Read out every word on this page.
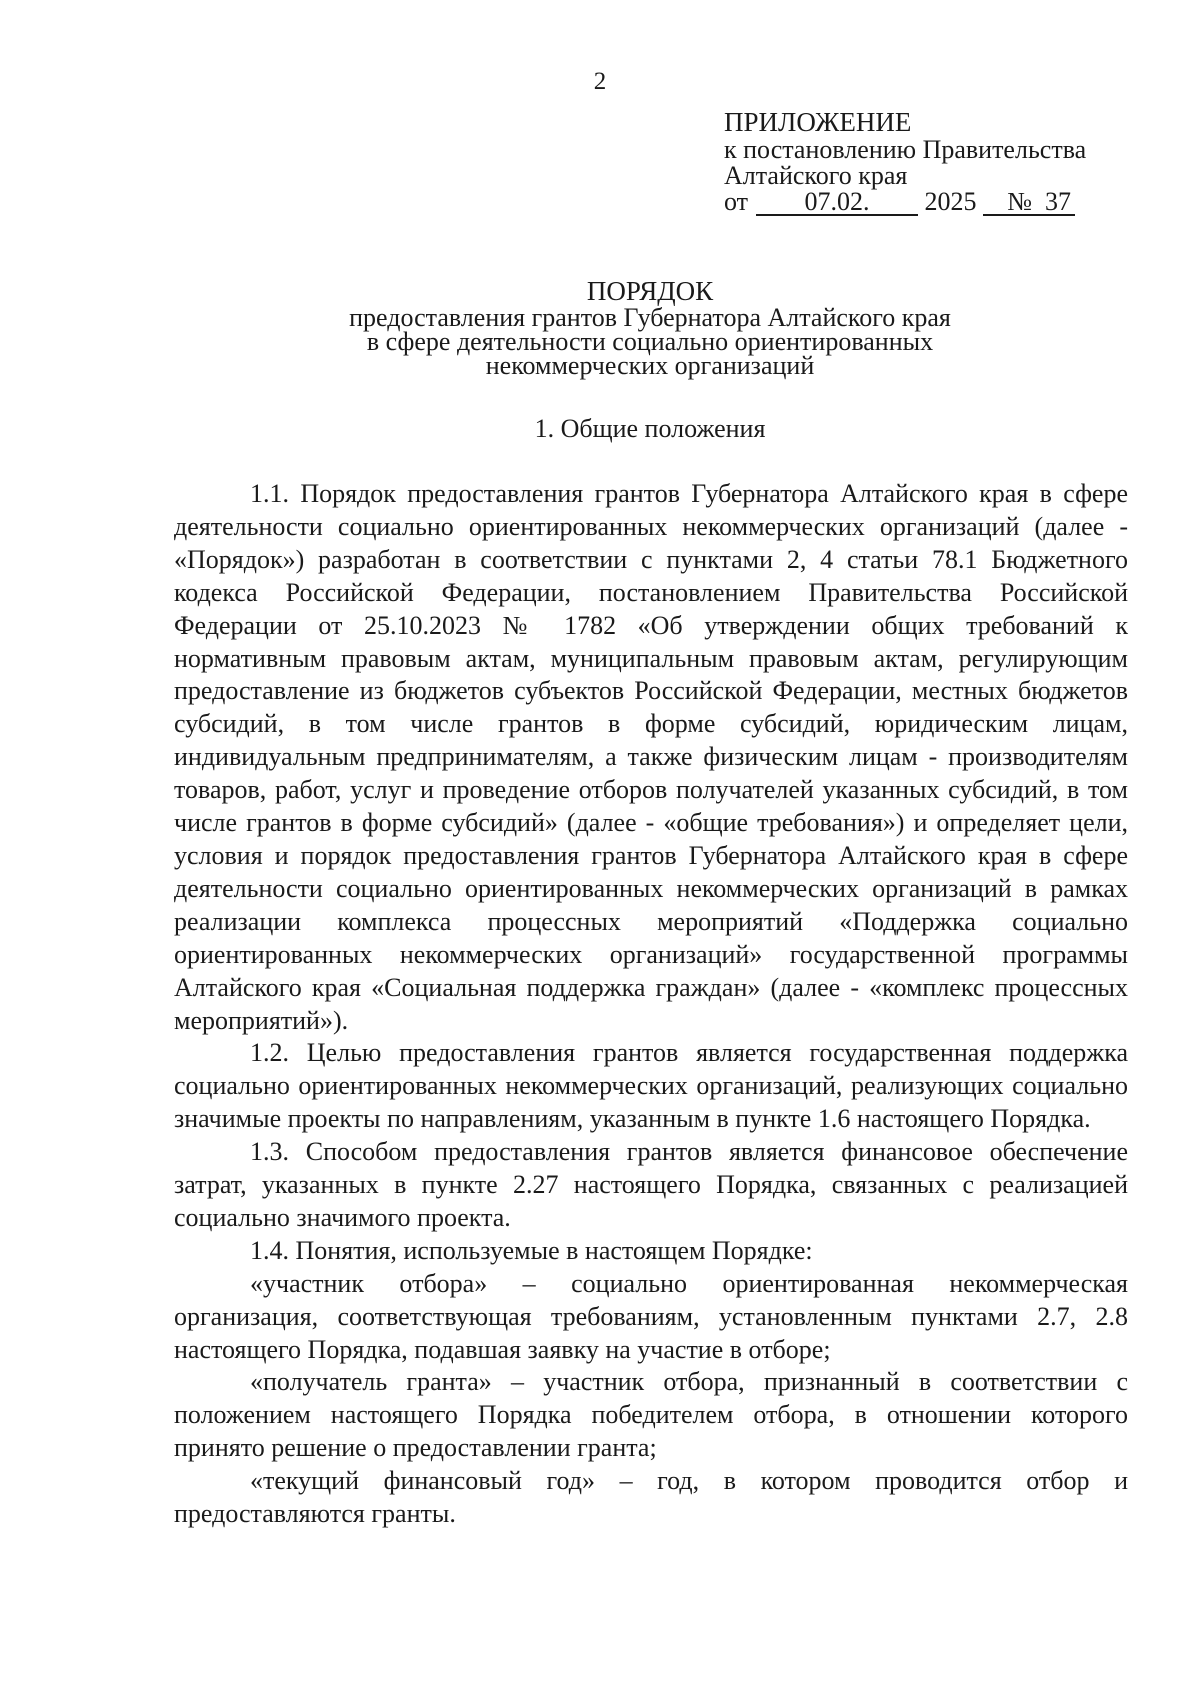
2
ПРИЛОЖЕНИЕ
к постановлению Правительства
Алтайского края
от 07.02. 2025 № 37
ПОРЯДОК
предоставления грантов Губернатора Алтайского края
в сфере деятельности социально ориентированных
некоммерческих организаций
1. Общие положения

1.1. Порядок предоставления грантов Губернатора Алтайского края в сфере деятельности социально ориентированных некоммерческих организаций (далее - «Порядок») разработан в соответствии с пунктами 2, 4 статьи 78.1 Бюджетного кодекса Российской Федерации, постановлением Правительства Российской Федерации от 25.10.2023 № 1782 «Об утверждении общих требований к нормативным правовым актам, муниципальным правовым актам, регулирующим предоставление из бюджетов субъектов Российской Федерации, местных бюджетов субсидий, в том числе грантов в форме субсидий, юридическим лицам, индивидуальным предпринимателям, а также физическим лицам - производителям товаров, работ, услуг и проведение отборов получателей указанных субсидий, в том числе грантов в форме субсидий» (далее - «общие требования») и определяет цели, условия и порядок предоставления грантов Губернатора Алтайского края в сфере деятельности социально ориентированных некоммерческих организаций в рамках реализации комплекса процессных мероприятий «Поддержка социально ориентированных некоммерческих организаций» государственной программы Алтайского края «Социальная поддержка граждан» (далее - «комплекс процессных мероприятий»).

1.2. Целью предоставления грантов является государственная поддержка социально ориентированных некоммерческих организаций, реализующих социально значимые проекты по направлениям, указанным в пункте 1.6 настоящего Порядка.

1.3. Способом предоставления грантов является финансовое обеспечение затрат, указанных в пункте 2.27 настоящего Порядка, связанных с реализацией социально значимого проекта.

1.4. Понятия, используемые в настоящем Порядке:

«участник отбора» – социально ориентированная некоммерческая организация, соответствующая требованиям, установленным пунктами 2.7, 2.8 настоящего Порядка, подавшая заявку на участие в отборе;

«получатель гранта» – участник отбора, признанный в соответствии с положением настоящего Порядка победителем отбора, в отношении которого принято решение о предоставлении гранта;

«текущий финансовый год» – год, в котором проводится отбор и предоставляются гранты.
